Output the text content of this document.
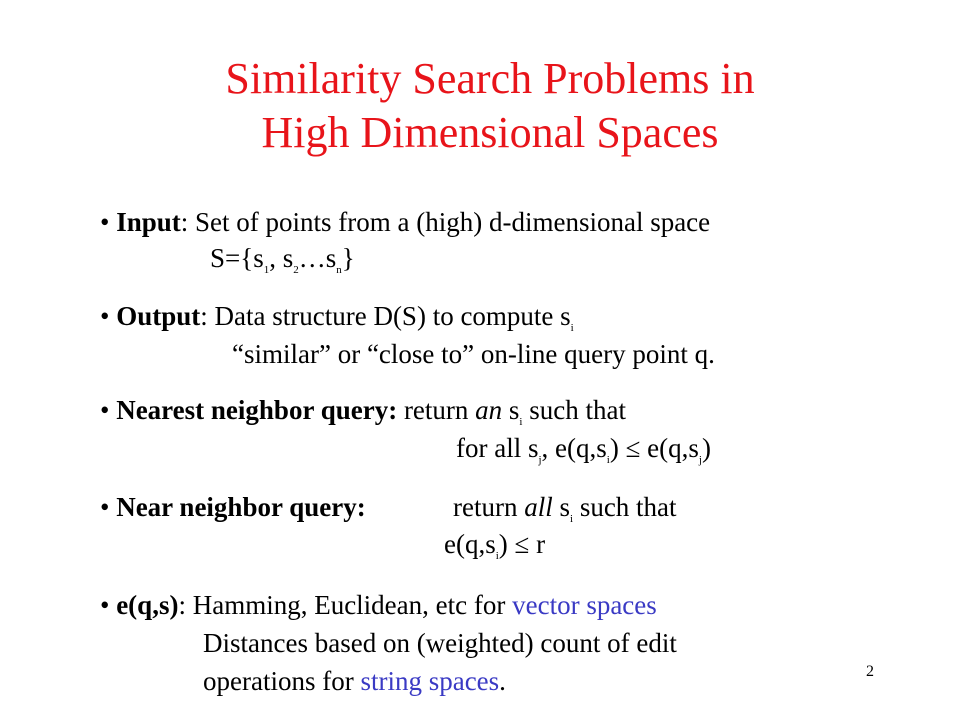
Similarity Search Problems in
High Dimensional Spaces
• Input: Set of points from a (high) d-dimensional space
$S=\{s_1$, $s_2\dots s_n$}
• Output: Data structure D(S) to compute $s_i$
“similar” or “close to” on-line query point q.
• Nearest neighbor query: return an $s_i$ such that
for all $s_j$, $e(q,s_i) \le e(q,s_j)$
• Near neighbor query:	return all $s_i$ such that
$e(q,s_i) \le r$
• e(q,s): Hamming, Euclidean, etc for vector spaces
Distances based on (weighted) count of edit
operations for string spaces.	2
